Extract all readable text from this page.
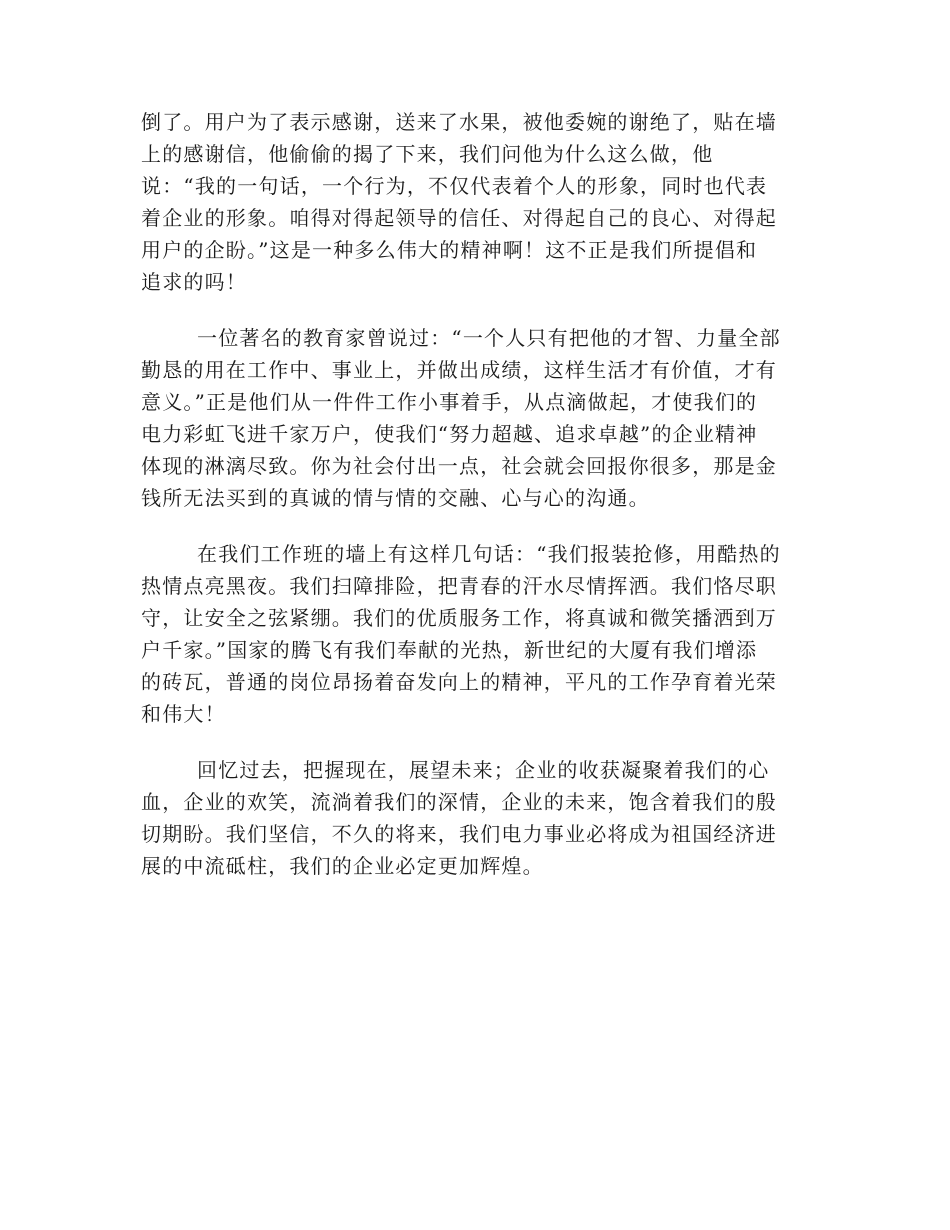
倒了。用户为了表示感谢，送来了水果，被他委婉的谢绝了，贴在墙
上的感谢信，他偷偷的揭了下来，我们问他为什么这么做，他
说：“我的一句话，一个行为，不仅代表着个人的形象，同时也代表
着企业的形象。咱得对得起领导的信任、对得起自己的良心、对得起
用户的企盼。”这是一种多么伟大的精神啊！这不正是我们所提倡和
追求的吗！

一位著名的教育家曾说过：“一个人只有把他的才智、力量全部
勤恳的用在工作中、事业上，并做出成绩，这样生活才有价值，才有
意义。”正是他们从一件件工作小事着手，从点滴做起，才使我们的
电力彩虹飞进千家万户，使我们“努力超越、追求卓越”的企业精神
体现的淋漓尽致。你为社会付出一点，社会就会回报你很多，那是金
钱所无法买到的真诚的情与情的交融、心与心的沟通。

在我们工作班的墙上有这样几句话：“我们报装抢修，用酷热的
热情点亮黑夜。我们扫障排险，把青春的汗水尽情挥洒。我们恪尽职
守，让安全之弦紧绷。我们的优质服务工作，将真诚和微笑播洒到万
户千家。”国家的腾飞有我们奉献的光热，新世纪的大厦有我们增添
的砖瓦，普通的岗位昂扬着奋发向上的精神，平凡的工作孕育着光荣
和伟大！

回忆过去，把握现在，展望未来；企业的收获凝聚着我们的心
血，企业的欢笑，流淌着我们的深情，企业的未来，饱含着我们的殷
切期盼。我们坚信，不久的将来，我们电力事业必将成为祖国经济进
展的中流砥柱，我们的企业必定更加辉煌。
